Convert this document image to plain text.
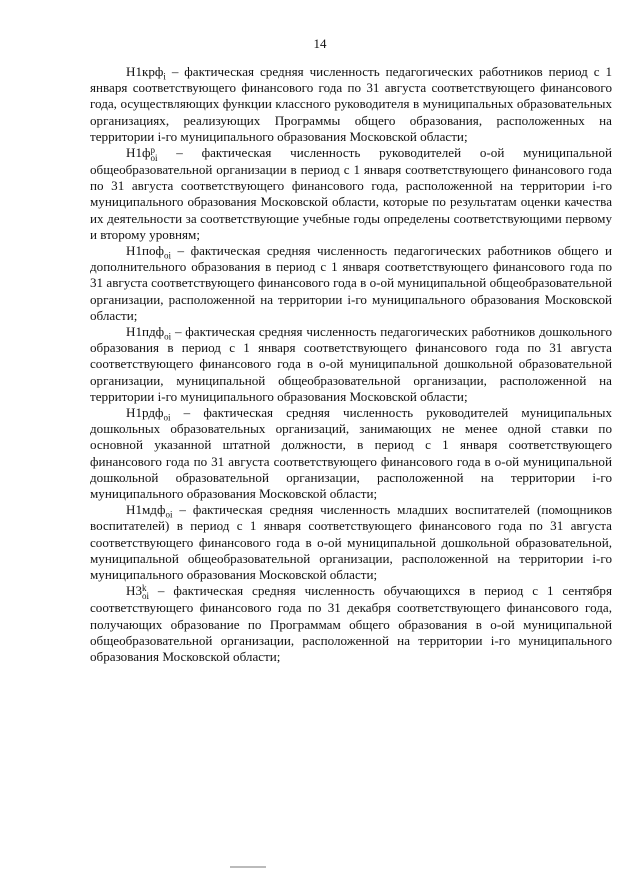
14

Н1крф$_i$ – фактическая средняя численность педагогических работников период с 1 января соответствующего финансового года по 31 августа соответствующего финансового года, осуществляющих функции классного руководителя в муниципальных образовательных организациях, реализующих Программы общего образования, расположенных на территории i-го муниципального образования Московской области;

Н1ф p
oi – фактическая численность руководителей о-ой муниципальной общеобразовательной организации в период с 1 января соответствующего финансового года по 31 августа соответствующего финансового года, расположенной на территории i-го муниципального образования Московской области, которые по результатам оценки качества их деятельности за соответствующие учебные годы определены соответствующими первому и второму уровням;

Н1поф$_{oi}$ – фактическая средняя численность педагогических работников общего и дополнительного образования в период с 1 января соответствующего финансового года по 31 августа соответствующего финансового года в о-ой муниципальной общеобразовательной организации, расположенной на территории i-го муниципального образования Московской области;

Н1пдф$_{oi}$ – фактическая средняя численность педагогических работников дошкольного образования в период с 1 января соответствующего финансового года по 31 августа соответствующего финансового года в о-ой муниципальной дошкольной образовательной организации, муниципальной общеобразовательной организации, расположенной на территории i-го муниципального образования Московской области;

Н1рдф$_{oi}$ – фактическая средняя численность руководителей муниципальных дошкольных образовательных организаций, занимающих не менее одной ставки по основной указанной штатной должности, в период с 1 января соответствующего финансового года по 31 августа соответствующего финансового года в о-ой муниципальной дошкольной образовательной организации, расположенной на территории i-го муниципального образования Московской области;

Н1мдф$_{oi}$ – фактическая средняя численность младших воспитателей (помощников воспитателей) в период с 1 января соответствующего финансового года по 31 августа соответствующего финансового года в о-ой муниципальной дошкольной образовательной, муниципальной общеобразовательной организации, расположенной на территории i-го муниципального образования Московской области;

Н3 k
oi – фактическая средняя численность обучающихся в период с 1 сентября соответствующего финансового года по 31 декабря соответствующего финансового года, получающих образование по Программам общего образования в о-ой муниципальной общеобразовательной организации, расположенной на территории i-го муниципального образования Московской области;
